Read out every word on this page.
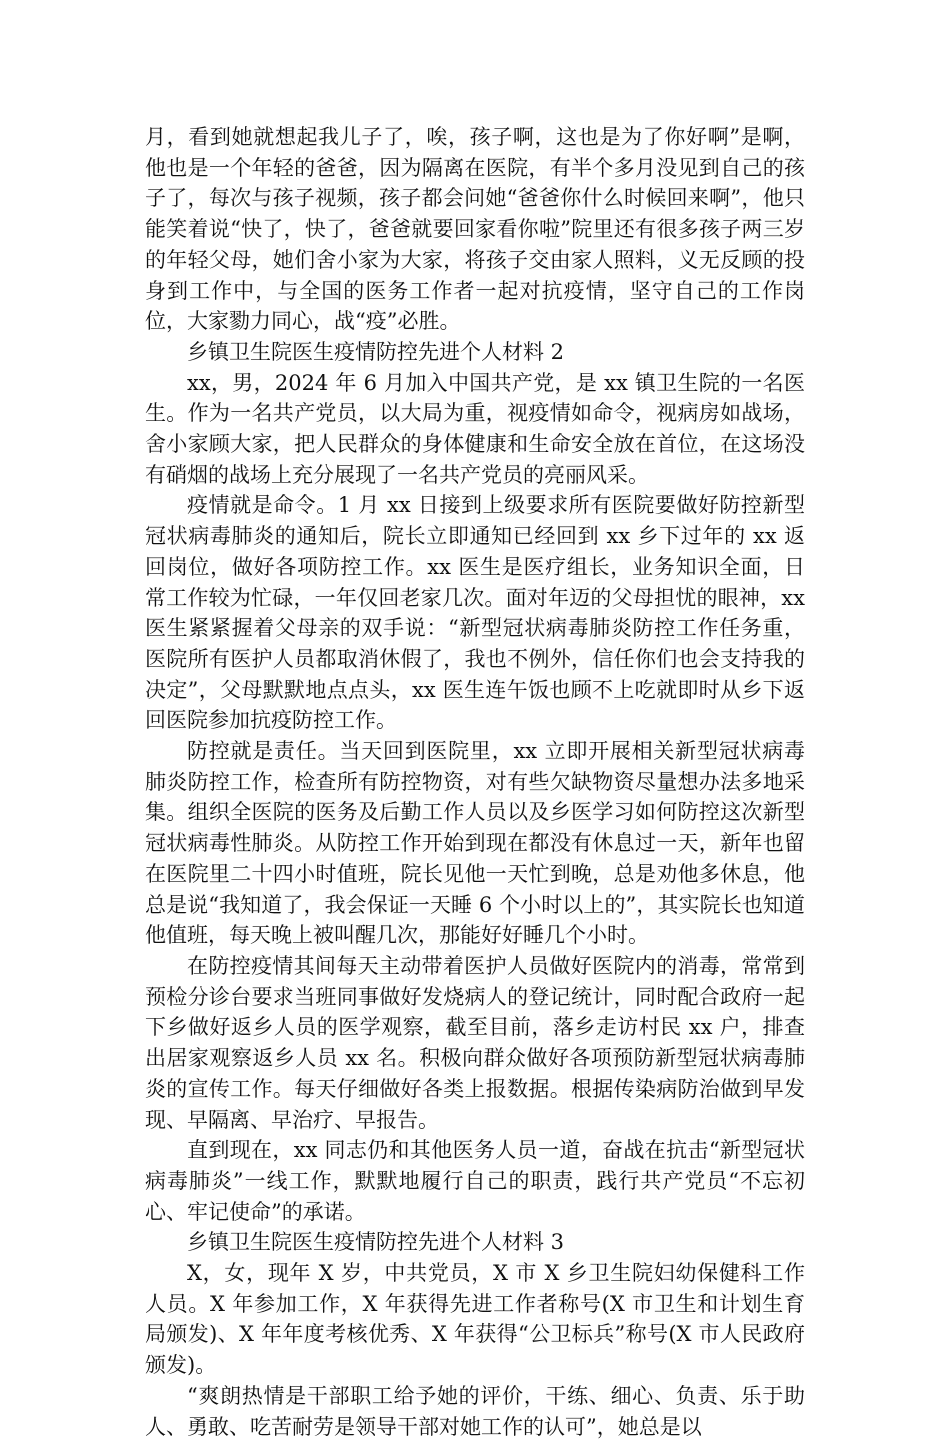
月，看到她就想起我儿子了，唉，孩子啊，这也是为了你好啊”是啊，他也是一个年轻的爸爸，因为隔离在医院，有半个多月没见到自己的孩子了，每次与孩子视频，孩子都会问她“爸爸你什么时候回来啊”，他只能笑着说“快了，快了，爸爸就要回家看你啦”院里还有很多孩子两三岁的年轻父母，她们舍小家为大家，将孩子交由家人照料，义无反顾的投身到工作中，与全国的医务工作者一起对抗疫情，坚守自己的工作岗位，大家勠力同心，战“疫”必胜。

乡镇卫生院医生疫情防控先进个人材料 2

xx，男，2024 年 6 月加入中国共产党，是 xx 镇卫生院的一名医生。作为一名共产党员，以大局为重，视疫情如命令，视病房如战场，舍小家顾大家，把人民群众的身体健康和生命安全放在首位，在这场没有硝烟的战场上充分展现了一名共产党员的亮丽风采。

疫情就是命令。1 月 xx 日接到上级要求所有医院要做好防控新型冠状病毒肺炎的通知后，院长立即通知已经回到 xx 乡下过年的 xx 返回岗位，做好各项防控工作。xx 医生是医疗组长，业务知识全面，日常工作较为忙碌，一年仅回老家几次。面对年迈的父母担忧的眼神，xx 医生紧紧握着父母亲的双手说：“新型冠状病毒肺炎防控工作任务重，医院所有医护人员都取消休假了，我也不例外，信任你们也会支持我的决定”，父母默默地点点头，xx 医生连午饭也顾不上吃就即时从乡下返回医院参加抗疫防控工作。

防控就是责任。当天回到医院里，xx 立即开展相关新型冠状病毒肺炎防控工作，检查所有防控物资，对有些欠缺物资尽量想办法多地采集。组织全医院的医务及后勤工作人员以及乡医学习如何防控这次新型冠状病毒性肺炎。从防控工作开始到现在都没有休息过一天，新年也留在医院里二十四小时值班，院长见他一天忙到晚，总是劝他多休息，他总是说“我知道了，我会保证一天睡 6 个小时以上的”，其实院长也知道他值班，每天晚上被叫醒几次，那能好好睡几个小时。

在防控疫情其间每天主动带着医护人员做好医院内的消毒，常常到预检分诊台要求当班同事做好发烧病人的登记统计，同时配合政府一起下乡做好返乡人员的医学观察，截至目前，落乡走访村民 xx 户，排查出居家观察返乡人员 xx 名。积极向群众做好各项预防新型冠状病毒肺炎的宣传工作。每天仔细做好各类上报数据。根据传染病防治做到早发现、早隔离、早治疗、早报告。

直到现在，xx 同志仍和其他医务人员一道，奋战在抗击“新型冠状病毒肺炎”一线工作，默默地履行自己的职责，践行共产党员“不忘初心、牢记使命”的承诺。

乡镇卫生院医生疫情防控先进个人材料 3

X，女，现年 X 岁，中共党员，X 市 X 乡卫生院妇幼保健科工作人员。X 年参加工作，X 年获得先进工作者称号(X 市卫生和计划生育局颁发)、X 年年度考核优秀、X 年获得“公卫标兵”称号(X 市人民政府颁发)。

“爽朗热情是干部职工给予她的评价，干练、细心、负责、乐于助人、勇敢、吃苦耐劳是领导干部对她工作的认可”，她总是以
